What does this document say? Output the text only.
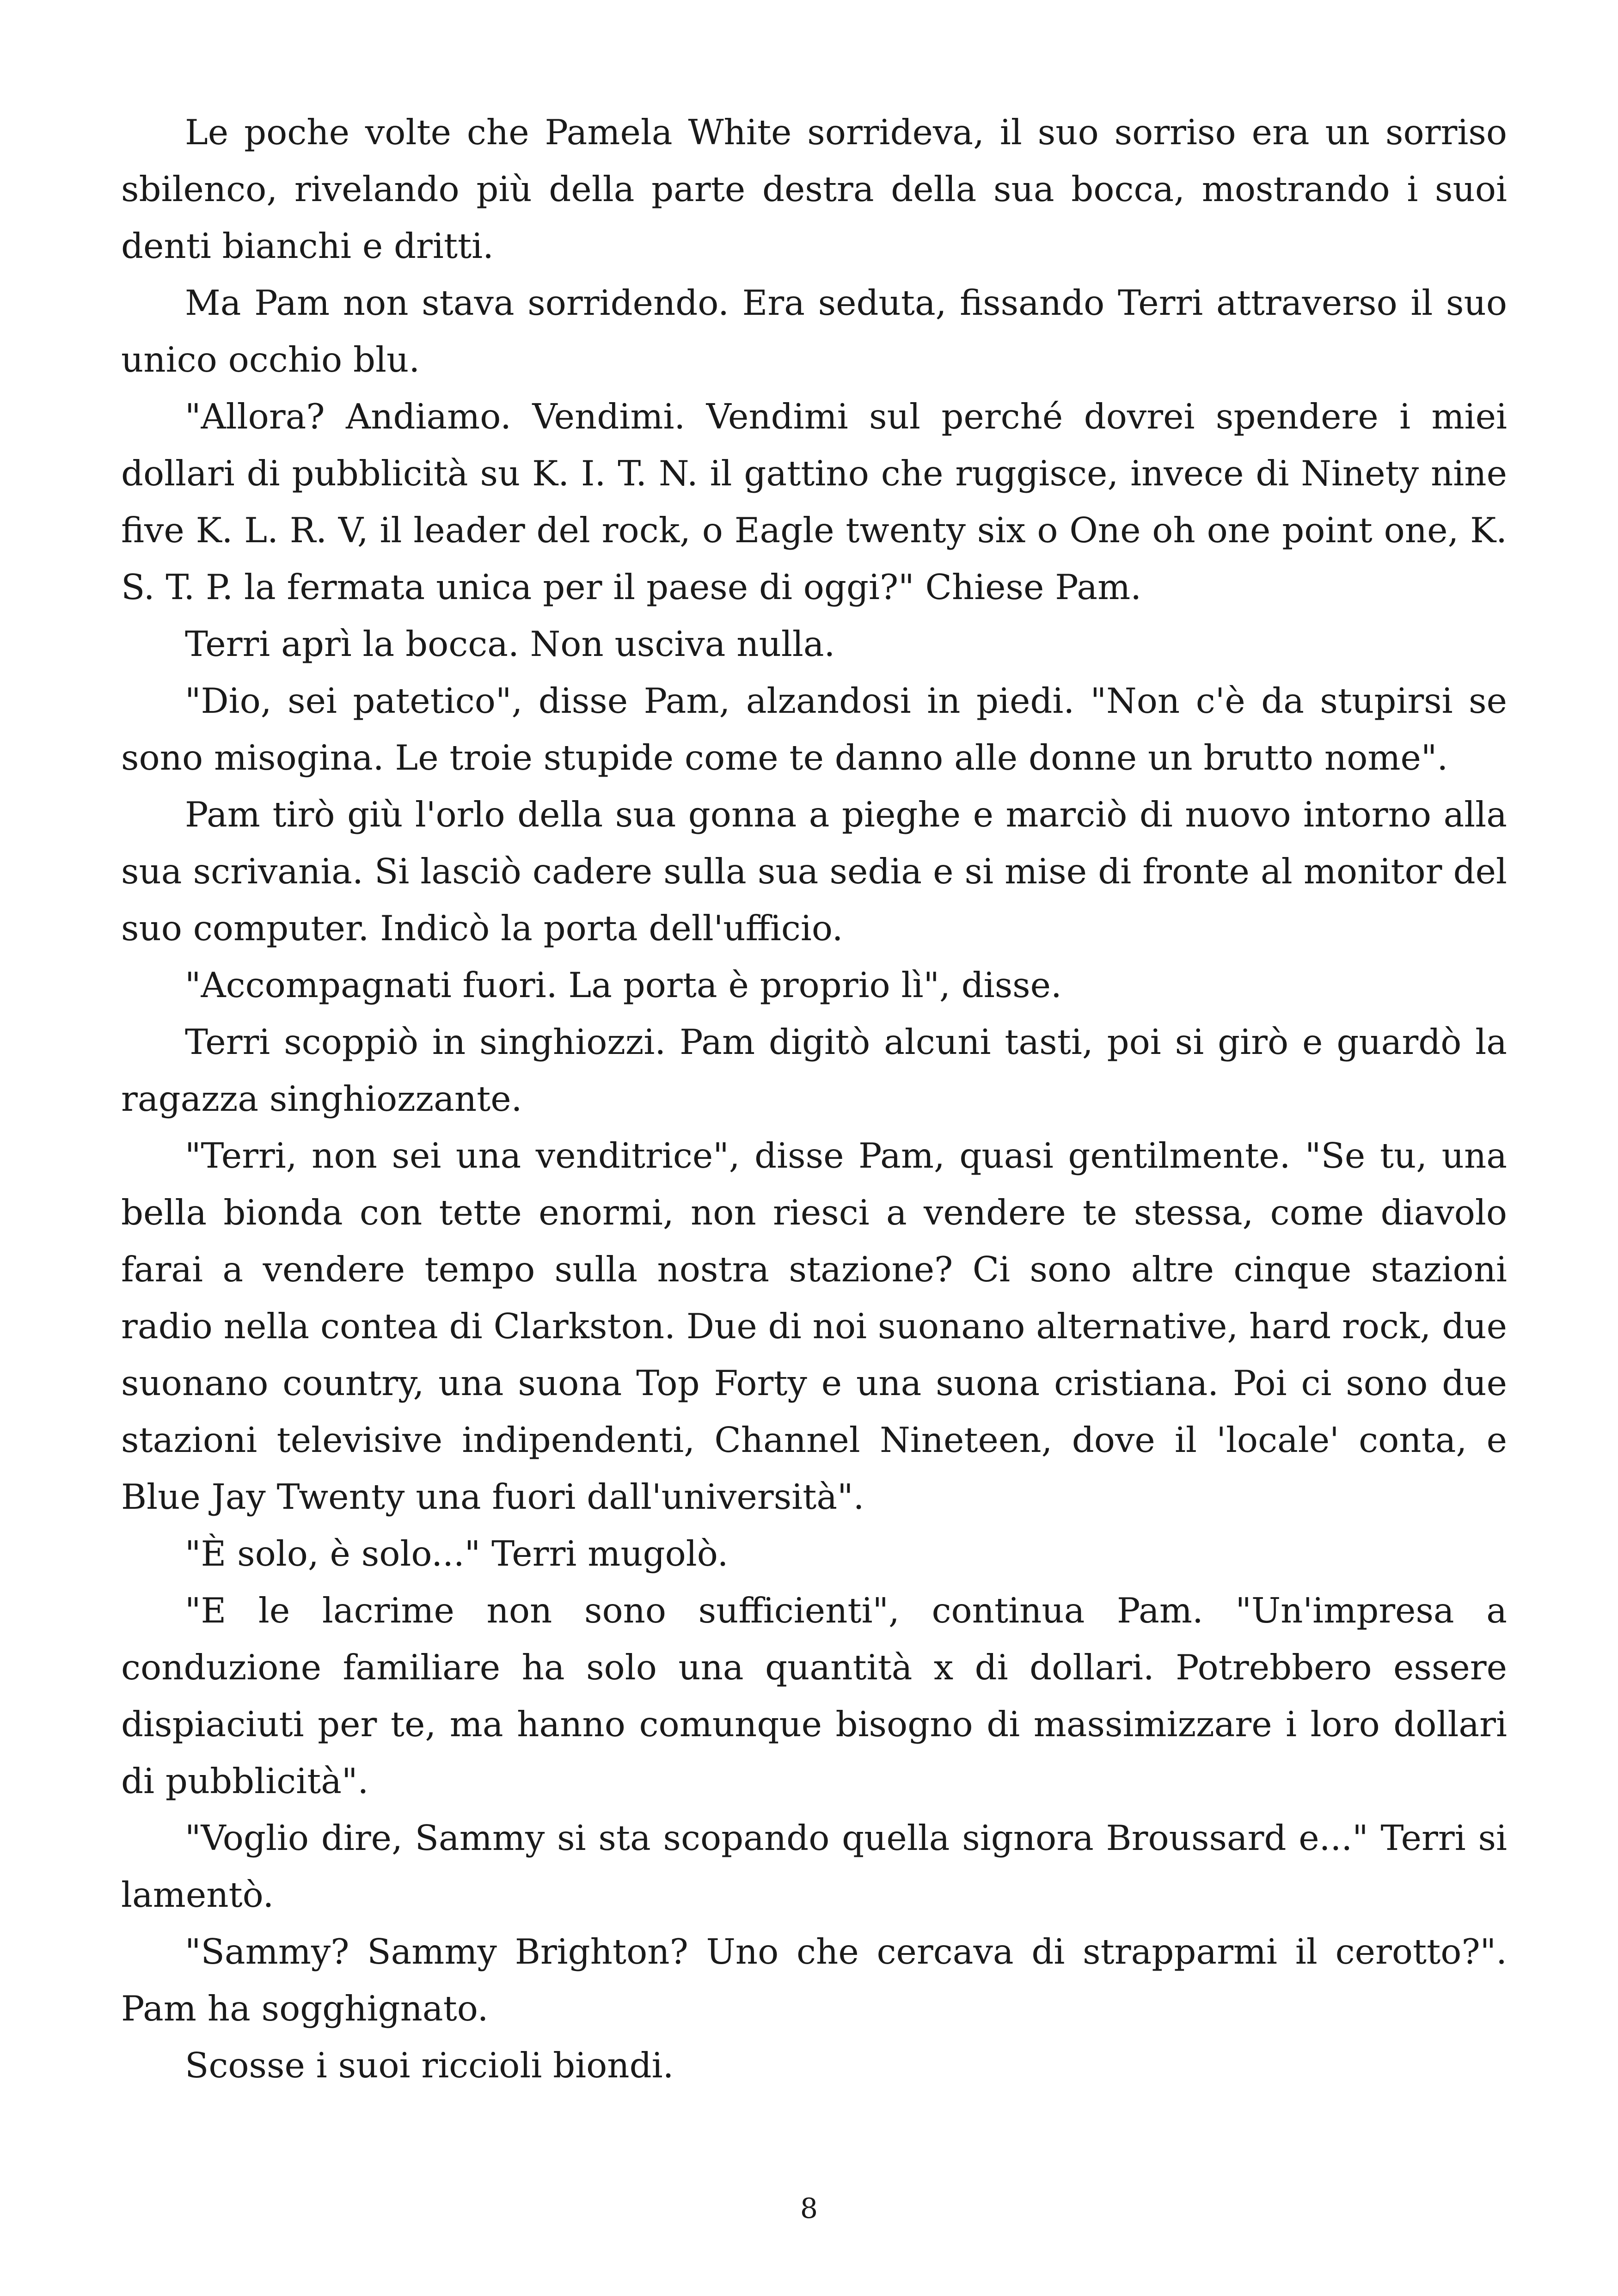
Le poche volte che Pamela White sorrideva, il suo sorriso era un sorriso sbilenco, rivelando più della parte destra della sua bocca, mostrando i suoi denti bianchi e dritti.

Ma Pam non stava sorridendo. Era seduta, fissando Terri attraverso il suo unico occhio blu.

"Allora? Andiamo. Vendimi. Vendimi sul perché dovrei spendere i miei dollari di pubblicità su K. I. T. N. il gattino che ruggisce, invece di Ninety nine five K. L. R. V, il leader del rock, o Eagle twenty six o One oh one point one, K. S. T. P. la fermata unica per il paese di oggi?" Chiese Pam.

Terri aprì la bocca. Non usciva nulla.

"Dio, sei patetico", disse Pam, alzandosi in piedi. "Non c'è da stupirsi se sono misogina. Le troie stupide come te danno alle donne un brutto nome".

Pam tirò giù l'orlo della sua gonna a pieghe e marciò di nuovo intorno alla sua scrivania. Si lasciò cadere sulla sua sedia e si mise di fronte al monitor del suo computer. Indicò la porta dell'ufficio.

"Accompagnati fuori. La porta è proprio lì", disse.

Terri scoppiò in singhiozzi. Pam digitò alcuni tasti, poi si girò e guardò la ragazza singhiozzante.

"Terri, non sei una venditrice", disse Pam, quasi gentilmente. "Se tu, una bella bionda con tette enormi, non riesci a vendere te stessa, come diavolo farai a vendere tempo sulla nostra stazione? Ci sono altre cinque stazioni radio nella contea di Clarkston. Due di noi suonano alternative, hard rock, due suonano country, una suona Top Forty e una suona cristiana. Poi ci sono due stazioni televisive indipendenti, Channel Nineteen, dove il 'locale' conta, e Blue Jay Twenty una fuori dall'università".

"È solo, è solo..." Terri mugolò.

"E le lacrime non sono sufficienti", continua Pam. "Un'impresa a conduzione familiare ha solo una quantità x di dollari. Potrebbero essere dispiaciuti per te, ma hanno comunque bisogno di massimizzare i loro dollari di pubblicità".

"Voglio dire, Sammy si sta scopando quella signora Broussard e..." Terri si lamentò.

"Sammy? Sammy Brighton? Uno che cercava di strapparmi il cerotto?". Pam ha sogghignato.

Scosse i suoi riccioli biondi.

8
